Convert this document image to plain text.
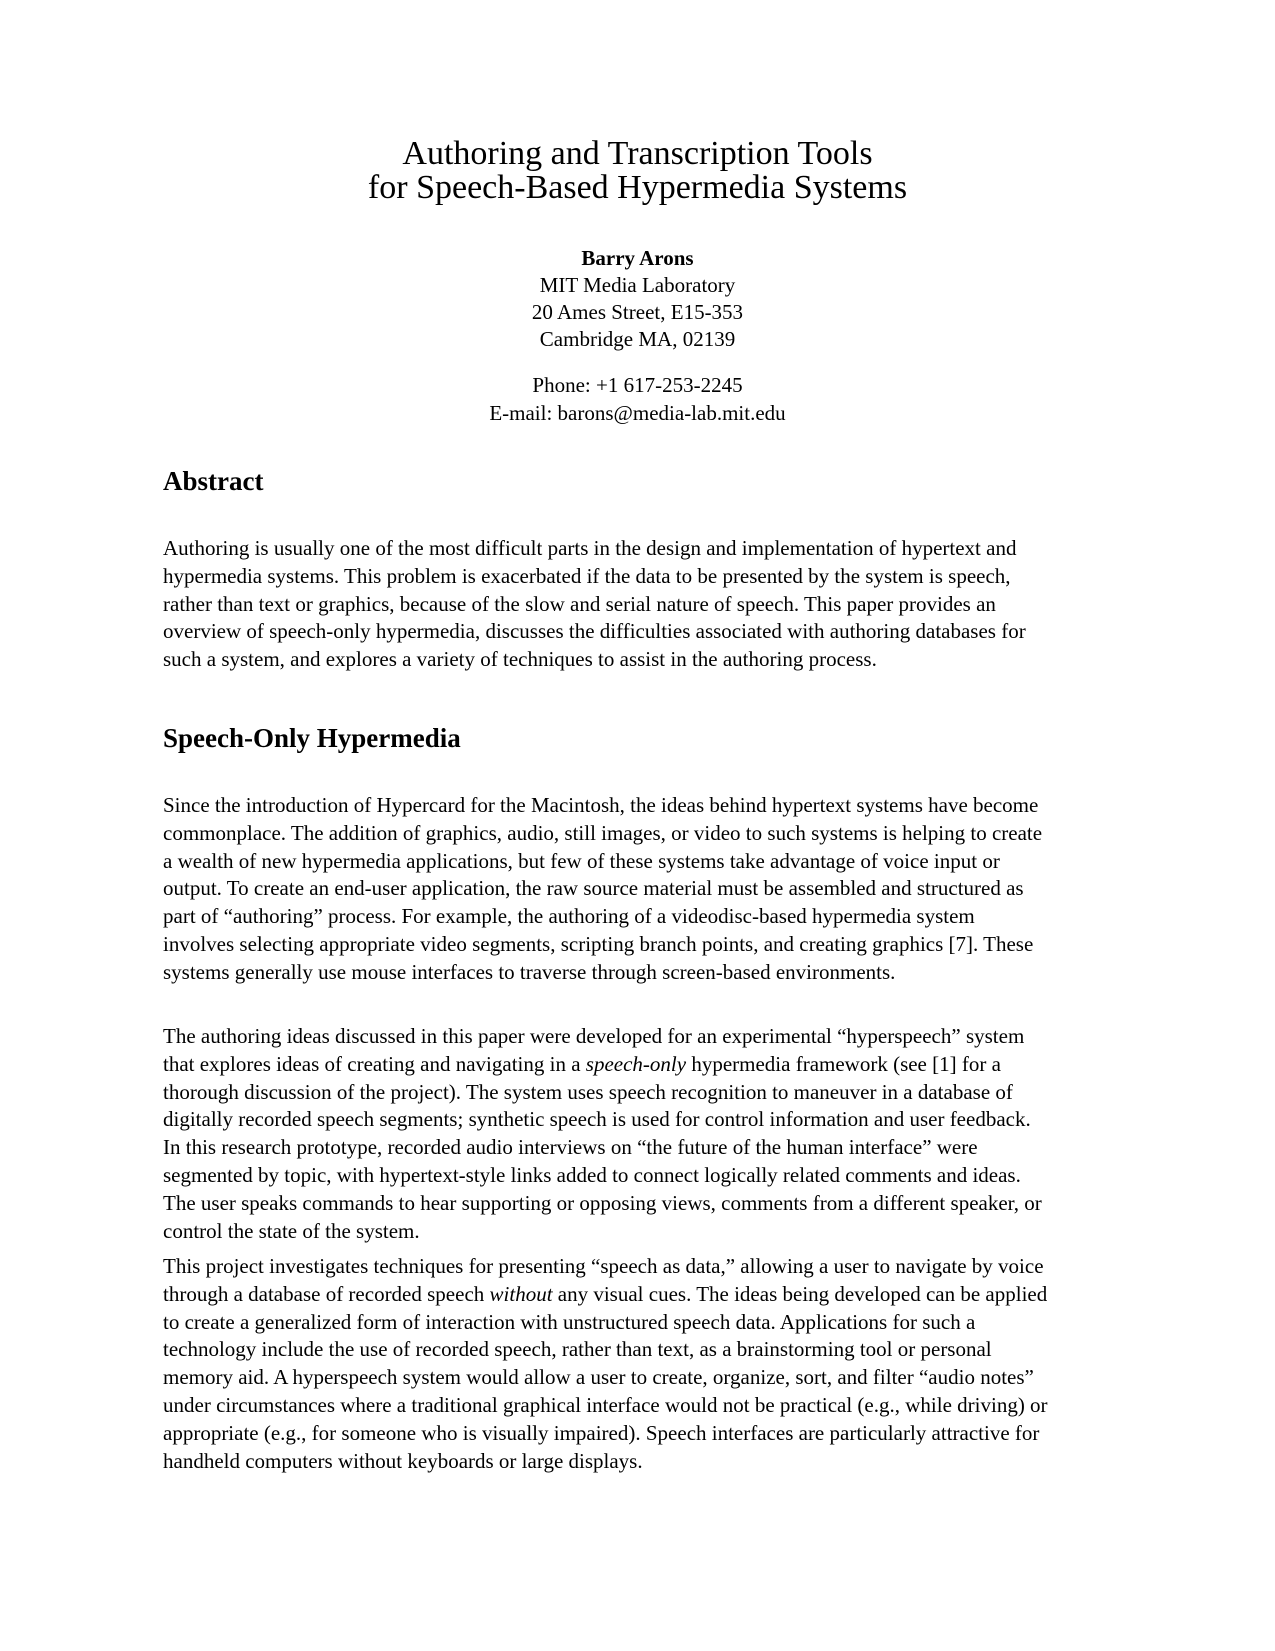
Authoring and Transcription Tools
for Speech-Based Hypermedia Systems
Barry Arons
MIT Media Laboratory
20 Ames Street, E15-353
Cambridge MA, 02139
Phone: +1 617-253-2245
E-mail: barons@media-lab.mit.edu
Abstract

Authoring is usually one of the most difficult parts in the design and implementation of hypertext and
hypermedia systems. This problem is exacerbated if the data to be presented by the system is speech,
rather than text or graphics, because of the slow and serial nature of speech. This paper provides an
overview of speech-only hypermedia, discusses the difficulties associated with authoring databases for
such a system, and explores a variety of techniques to assist in the authoring process.

Speech-Only Hypermedia

Since the introduction of Hypercard for the Macintosh, the ideas behind hypertext systems have become
commonplace. The addition of graphics, audio, still images, or video to such systems is helping to create
a wealth of new hypermedia applications, but few of these systems take advantage of voice input or
output. To create an end-user application, the raw source material must be assembled and structured as
part of “authoring” process. For example, the authoring of a videodisc-based hypermedia system
involves selecting appropriate video segments, scripting branch points, and creating graphics [7]. These
systems generally use mouse interfaces to traverse through screen-based environments.

The authoring ideas discussed in this paper were developed for an experimental “hyperspeech” system
that explores ideas of creating and navigating in a speech-only hypermedia framework (see [1] for a
thorough discussion of the project). The system uses speech recognition to maneuver in a database of
digitally recorded speech segments; synthetic speech is used for control information and user feedback.
In this research prototype, recorded audio interviews on “the future of the human interface” were
segmented by topic, with hypertext-style links added to connect logically related comments and ideas.
The user speaks commands to hear supporting or opposing views, comments from a different speaker, or
control the state of the system.

This project investigates techniques for presenting “speech as data,” allowing a user to navigate by voice
through a database of recorded speech without any visual cues. The ideas being developed can be applied
to create a generalized form of interaction with unstructured speech data. Applications for such a
technology include the use of recorded speech, rather than text, as a brainstorming tool or personal
memory aid. A hyperspeech system would allow a user to create, organize, sort, and filter “audio notes”
under circumstances where a traditional graphical interface would not be practical (e.g., while driving) or
appropriate (e.g., for someone who is visually impaired). Speech interfaces are particularly attractive for
handheld computers without keyboards or large displays.
